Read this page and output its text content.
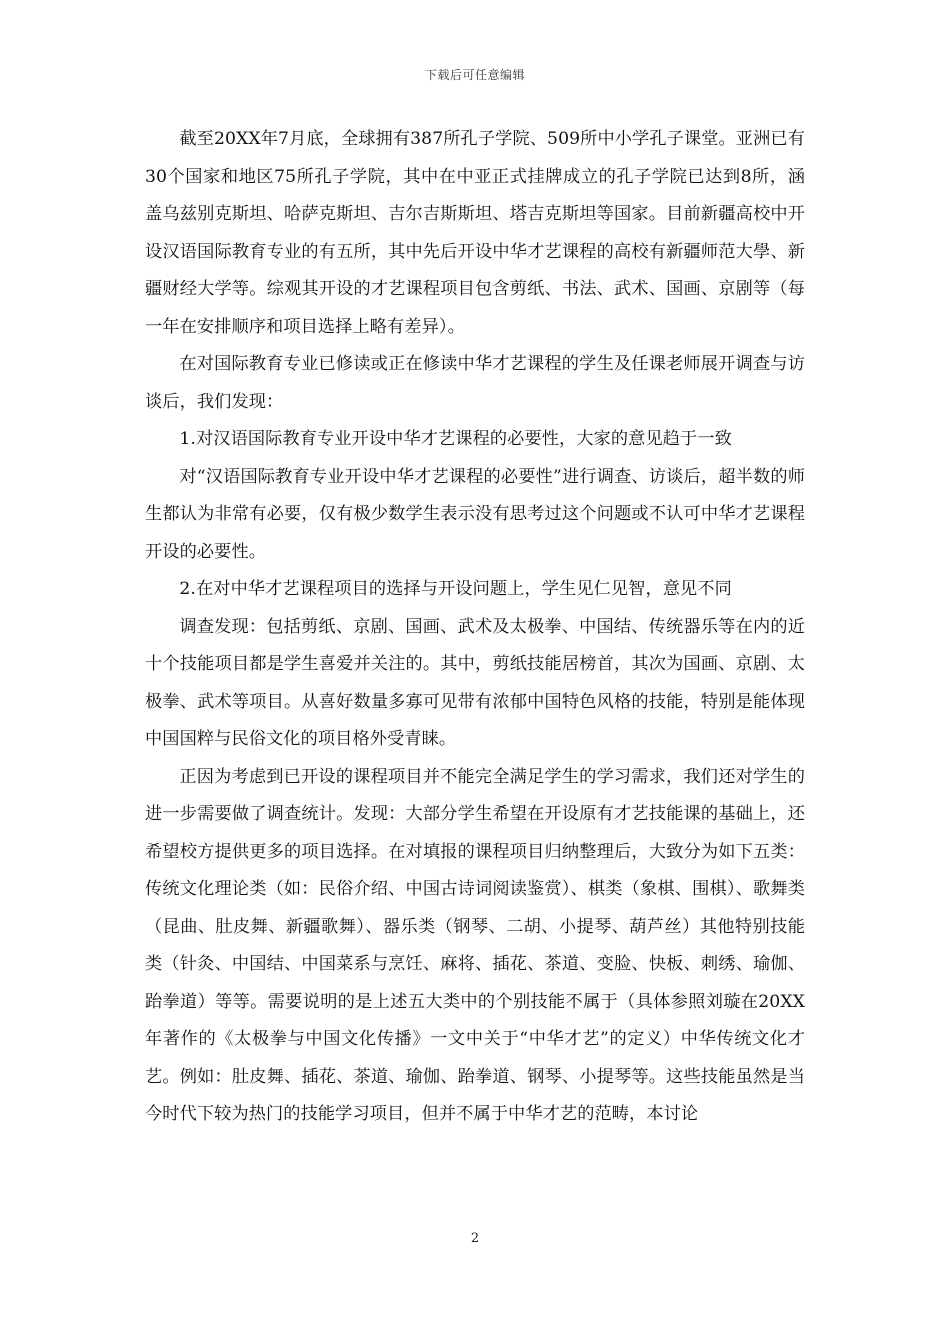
下载后可任意编辑

截至20XX年7月底，全球拥有387所孔子学院、509所中小学孔子课堂。亚洲已有30个国家和地区75所孔子学院，其中在中亚正式挂牌成立的孔子学院已达到8所，涵盖乌兹别克斯坦、哈萨克斯坦、吉尔吉斯斯坦、塔吉克斯坦等国家。目前新疆高校中开设汉语国际教育专业的有五所，其中先后开设中华才艺课程的高校有新疆师范大學、新疆财经大学等。综观其开设的才艺课程项目包含剪纸、书法、武术、国画、京剧等（每一年在安排顺序和项目选择上略有差异）。

在对国际教育专业已修读或正在修读中华才艺课程的学生及任课老师展开调查与访谈后，我们发现：

1.对汉语国际教育专业开设中华才艺课程的必要性，大家的意见趋于一致

对“汉语国际教育专业开设中华才艺课程的必要性”进行调查、访谈后，超半数的师生都认为非常有必要，仅有极少数学生表示没有思考过这个问题或不认可中华才艺课程开设的必要性。

2.在对中华才艺课程项目的选择与开设问题上，学生见仁见智，意见不同

调查发现：包括剪纸、京剧、国画、武术及太极拳、中国结、传统器乐等在内的近十个技能项目都是学生喜爱并关注的。其中，剪纸技能居榜首，其次为国画、京剧、太极拳、武术等项目。从喜好数量多寡可见带有浓郁中国特色风格的技能，特别是能体现中国国粹与民俗文化的项目格外受青睐。

正因为考虑到已开设的课程项目并不能完全满足学生的学习需求，我们还对学生的进一步需要做了调查统计。发现：大部分学生希望在开设原有才艺技能课的基础上，还希望校方提供更多的项目选择。在对填报的课程项目归纳整理后，大致分为如下五类：传统文化理论类（如：民俗介绍、中国古诗词阅读鉴赏）、棋类（象棋、围棋）、歌舞类（昆曲、肚皮舞、新疆歌舞）、器乐类（钢琴、二胡、小提琴、葫芦丝）其他特别技能类（针灸、中国结、中国菜系与烹饪、麻将、插花、茶道、变脸、快板、刺绣、瑜伽、跆拳道）等等。需要说明的是上述五大类中的个别技能不属于（具体参照刘璇在20XX年著作的《太极拳与中国文化传播》一文中关于“中华才艺”的定义）中华传统文化才艺。例如：肚皮舞、插花、茶道、瑜伽、跆拳道、钢琴、小提琴等。这些技能虽然是当今时代下较为热门的技能学习项目，但并不属于中华才艺的范畴，本讨论

2
